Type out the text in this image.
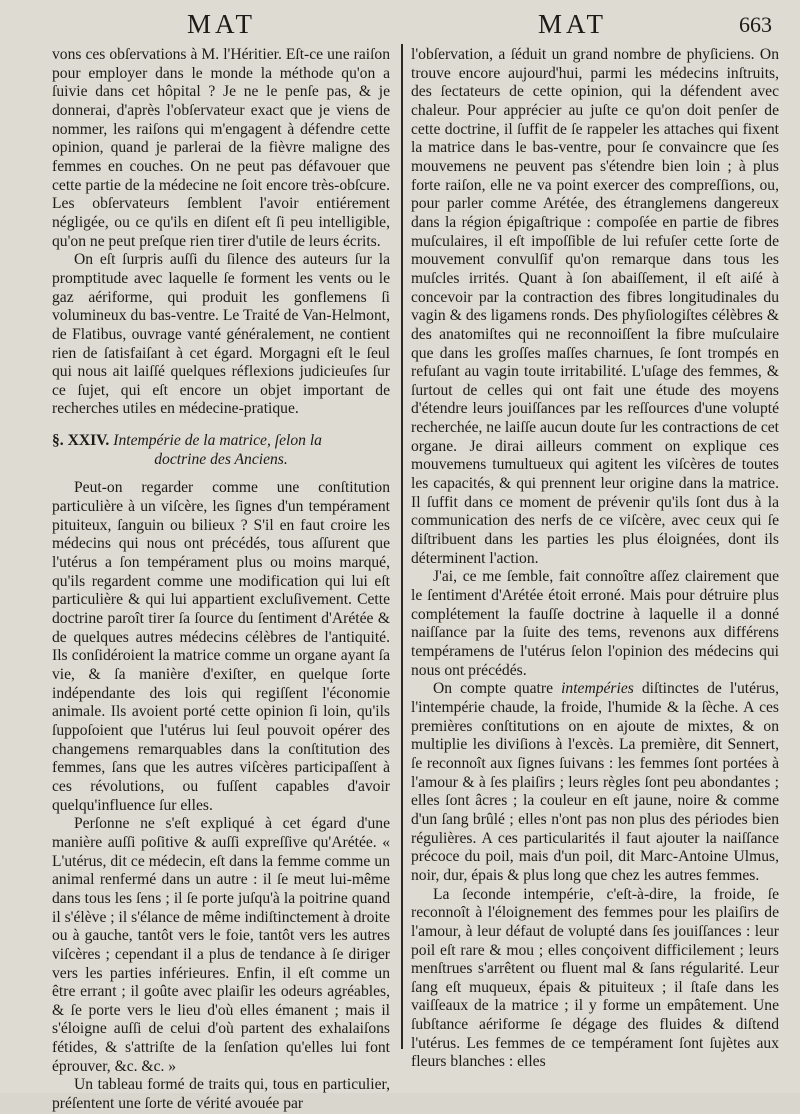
MAT	MAT	663

vons ces obſervations à M. l'Héritier. Eſt-ce une raiſon pour employer dans le monde la méthode qu'on a ſuivie dans cet hôpital ? Je ne le penſe pas, & je donnerai, d'après l'obſervateur exact que je viens de nommer, les raiſons qui m'engagent à défendre cette opinion, quand je parlerai de la fièvre maligne des femmes en couches. On ne peut pas défavouer que cette partie de la médecine ne ſoit encore très-obſcure. Les obſervateurs ſemblent l'avoir entiérement négligée, ou ce qu'ils en diſent eſt ſi peu intelligible, qu'on ne peut preſque rien tirer d'utile de leurs écrits.

On eſt ſurpris auſſi du ſilence des auteurs ſur la promptitude avec laquelle ſe forment les vents ou le gaz aériforme, qui produit les gonflemens ſi volumineux du bas-ventre. Le Traité de Van-Helmont, de Flatibus, ouvrage vanté généralement, ne contient rien de ſatisfaiſant à cet égard. Morgagni eſt le ſeul qui nous ait laiſſé quelques réflexions judicieuſes ſur ce ſujet, qui eſt encore un objet important de recherches utiles en médecine-pratique.

§. XXIV. Intempérie de la matrice, ſelon la
doctrine des Anciens.

Peut-on regarder comme une conſtitution particulière à un viſcère, les ſignes d'un tempérament pituiteux, ſanguin ou bilieux ? S'il en faut croire les médecins qui nous ont précédés, tous aſſurent que l'utérus a ſon tempérament plus ou moins marqué, qu'ils regardent comme une modification qui lui eſt particulière & qui lui appartient excluſivement. Cette doctrine paroît tirer ſa ſource du ſentiment d'Arétée & de quelques autres médecins célèbres de l'antiquité. Ils conſidéroient la matrice comme un organe ayant ſa vie, & ſa manière d'exiſter, en quelque ſorte indépendante des lois qui regiſſent l'économie animale. Ils avoient porté cette opinion ſi loin, qu'ils ſuppoſoient que l'utérus lui ſeul pouvoit opérer des changemens remarquables dans la conſtitution des femmes, ſans que les autres viſcères participaſſent à ces révolutions, ou fuſſent capables d'avoir quelqu'influence ſur elles.

Perſonne ne s'eſt expliqué à cet égard d'une manière auſſi poſitive & auſſi expreſſive qu'Arétée. « L'utérus, dit ce médecin, eſt dans la femme comme un animal renfermé dans un autre : il ſe meut lui-même dans tous les ſens ; il ſe porte juſqu'à la poitrine quand il s'élève ; il s'élance de même indiſtinctement à droite ou à gauche, tantôt vers le foie, tantôt vers les autres viſcères ; cependant il a plus de tendance à ſe diriger vers les parties inférieures. Enfin, il eſt comme un être errant ; il goûte avec plaiſir les odeurs agréables, & ſe porte vers le lieu d'où elles émanent ; mais il s'éloigne auſſi de celui d'où partent des exhalaiſons fétides, & s'attriſte de la ſenſation qu'elles lui font éprouver, &c. &c. »

Un tableau formé de traits qui, tous en particulier, préſentent une ſorte de vérité avouée par

l'obſervation, a ſéduit un grand nombre de phyſiciens. On trouve encore aujourd'hui, parmi les médecins inſtruits, des ſectateurs de cette opinion, qui la défendent avec chaleur. Pour apprécier au juſte ce qu'on doit penſer de cette doctrine, il ſuffit de ſe rappeler les attaches qui fixent la matrice dans le bas-ventre, pour ſe convaincre que ſes mouvemens ne peuvent pas s'étendre bien loin ; à plus forte raiſon, elle ne va point exercer des compreſſions, ou, pour parler comme Arétée, des étranglemens dangereux dans la région épigaſtrique : compoſée en partie de fibres muſculaires, il eſt impoſſible de lui refuſer cette ſorte de mouvement convulſif qu'on remarque dans tous les muſcles irrités. Quant à ſon abaiſſement, il eſt aiſé à concevoir par la contraction des fibres longitudinales du vagin & des ligamens ronds. Des phyſiologiſtes célèbres & des anatomiſtes qui ne reconnoiſſent la fibre muſculaire que dans les groſſes maſſes charnues, ſe ſont trompés en refuſant au vagin toute irritabilité. L'uſage des femmes, & ſurtout de celles qui ont fait une étude des moyens d'étendre leurs jouiſſances par les reſſources d'une volupté recherchée, ne laiſſe aucun doute ſur les contractions de cet organe. Je dirai ailleurs comment on explique ces mouvemens tumultueux qui agitent les viſcères de toutes les capacités, & qui prennent leur origine dans la matrice. Il ſuffit dans ce moment de prévenir qu'ils ſont dus à la communication des nerfs de ce viſcère, avec ceux qui ſe diſtribuent dans les parties les plus éloignées, dont ils déterminent l'action.

J'ai, ce me ſemble, fait connoître aſſez clairement que le ſentiment d'Arétée étoit erroné. Mais pour détruire plus complétement la fauſſe doctrine à laquelle il a donné naiſſance par la ſuite des tems, revenons aux différens tempéramens de l'utérus ſelon l'opinion des médecins qui nous ont précédés.

On compte quatre intempéries diſtinctes de l'utérus, l'intempérie chaude, la froide, l'humide & la ſèche. A ces premières conſtitutions on en ajoute de mixtes, & on multiplie les diviſions à l'excès. La première, dit Sennert, ſe reconnoît aux ſignes ſuivans : les femmes ſont portées à l'amour & à ſes plaiſirs ; leurs règles ſont peu abondantes ; elles ſont âcres ; la couleur en eſt jaune, noire & comme d'un ſang brûlé ; elles n'ont pas non plus des périodes bien régulières. A ces particularités il faut ajouter la naiſſance précoce du poil, mais d'un poil, dit Marc-Antoine Ulmus, noir, dur, épais & plus long que chez les autres femmes.

La ſeconde intempérie, c'eſt-à-dire, la froide, ſe reconnoît à l'éloignement des femmes pour les plaiſirs de l'amour, à leur défaut de volupté dans ſes jouiſſances : leur poil eſt rare & mou ; elles conçoivent difficilement ; leurs menſtrues s'arrêtent ou fluent mal & ſans régularité. Leur ſang eſt muqueux, épais & pituiteux ; il ſtaſe dans les vaiſſeaux de la matrice ; il y forme un empâtement. Une ſubſtance aériforme ſe dégage des fluides & diſtend l'utérus. Les femmes de ce tempérament ſont ſujètes aux fleurs blanches : elles
